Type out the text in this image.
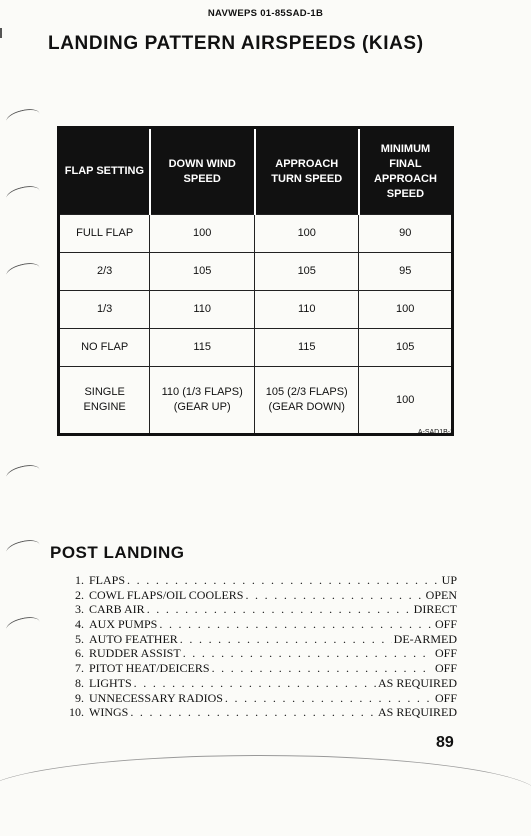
NAVWEPS 01-85SAD-1B
LANDING PATTERN AIRSPEEDS (KIAS)
FLAP SETTING	DOWN WIND SPEED	APPROACH TURN SPEED	MINIMUM FINAL APPROACH SPEED
FULL FLAP	100	100	90
2/3	105	105	95
1/3	110	110	100
NO FLAP	115	115	105
SINGLE ENGINE	110 (1/3 FLAPS) (GEAR UP)	105 (2/3 FLAPS) (GEAR DOWN)	100
A-SAD1B-3
POST LANDING
1. FLAPS . . .	UP
2. COWL FLAPS/OIL COOLERS . . .	OPEN
3. CARB AIR . . .	DIRECT
4. AUX PUMPS . . .	OFF
5. AUTO FEATHER . . .	DE-ARMED
6. RUDDER ASSIST . . .	OFF
7. PITOT HEAT/DEICERS . . .	OFF
8. LIGHTS . . .	AS REQUIRED
9. UNNECESSARY RADIOS . . .	OFF
10. WINGS . . .	AS REQUIRED
89
